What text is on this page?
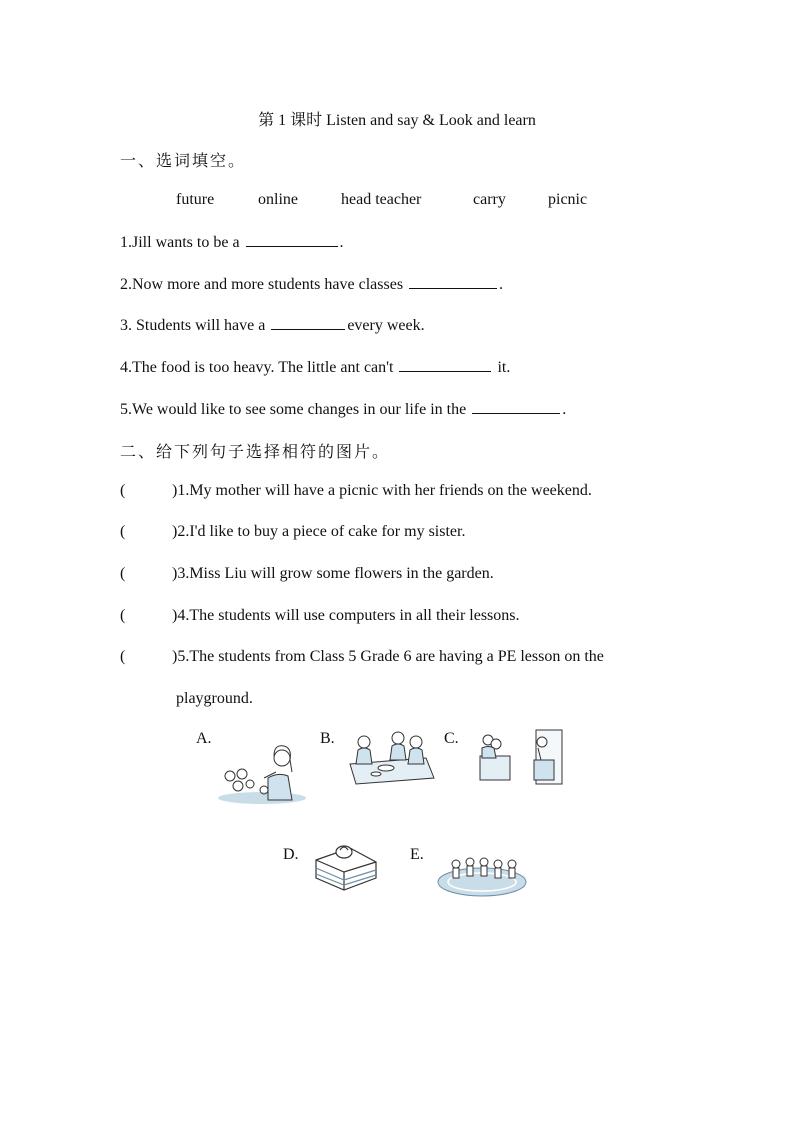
第 1 课时 Listen and say & Look and learn
一、选词填空。
future	online	head teacher	carry	picnic
1.Jill wants to be a	.
2.Now more and more students have classes	.
3. Students will have a	every week.
4.The food is too heavy. The little ant can't	it.
5.We would like to see some changes in our life in the	.
二、给下列句子选择相符的图片。
(	)1.My mother will have a picnic with her friends on the weekend.
(	)2.I'd like to buy a piece of cake for my sister.
(	)3.Miss Liu will grow some flowers in the garden.
(	)4.The students will use computers in all their lessons.
(	)5.The students from Class 5 Grade 6 are having a PE lesson on the
playground.
A.	B.	C.
D.	E.
